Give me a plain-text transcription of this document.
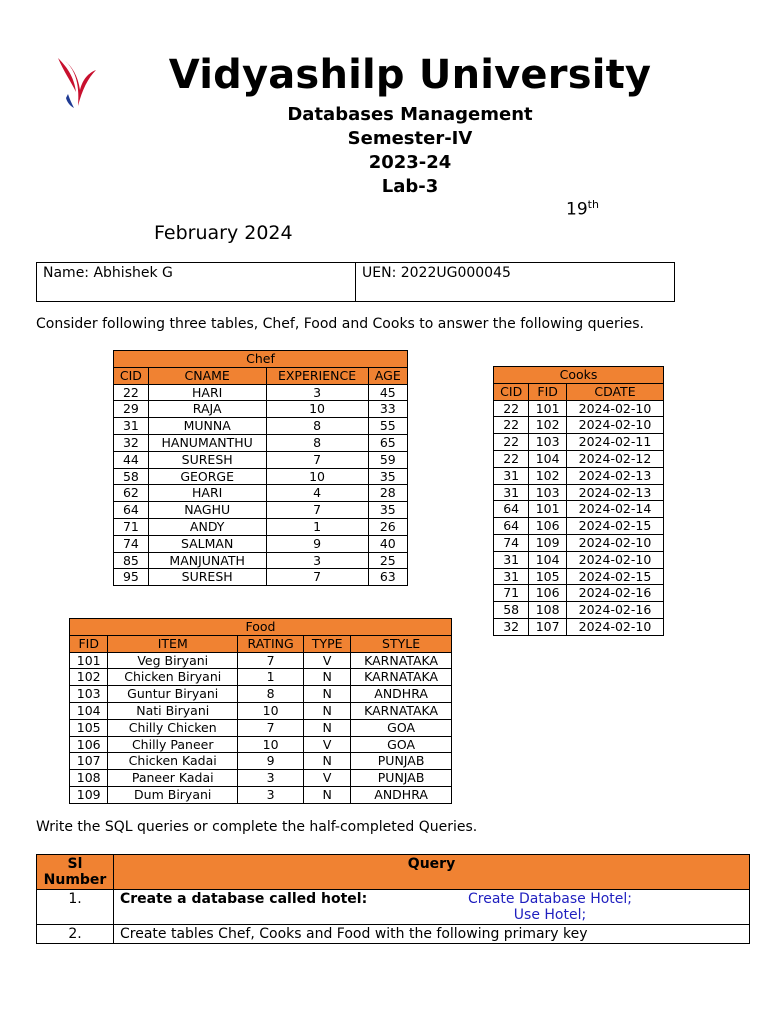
Vidyashilp University
Databases Management
Semester-IV
2023-24
Lab-3
19th
February 2024
Name: Abhishek G	UEN: 2022UG000045
Consider following three tables, Chef, Food and Cooks to answer the following queries.
Chef			
CID	CNAME	EXPERIENCE	AGE
22	HARI	3	45
29	RAJA	10	33
31	MUNNA	8	55
32	HANUMANTHU	8	65
44	SURESH	7	59
58	GEORGE	10	35
62	HARI	4	28
64	NAGHU	7	35
71	ANDY	1	26
74	SALMAN	9	40
85	MANJUNATH	3	25
95	SURESH	7	63
Cooks		
CID	FID	CDATE
22	101	2024-02-10
22	102	2024-02-10
22	103	2024-02-11
22	104	2024-02-12
31	102	2024-02-13
31	103	2024-02-13
64	101	2024-02-14
64	106	2024-02-15
74	109	2024-02-10
31	104	2024-02-10
31	105	2024-02-15
71	106	2024-02-16
58	108	2024-02-16
32	107	2024-02-10
Food				
FID	ITEM	RATING	TYPE	STYLE
101	Veg Biryani	7	V	KARNATAKA
102	Chicken Biryani	1	N	KARNATAKA
103	Guntur Biryani	8	N	ANDHRA
104	Nati Biryani	10	N	KARNATAKA
105	Chilly Chicken	7	N	GOA
106	Chilly Paneer	10	V	GOA
107	Chicken Kadai	9	N	PUNJAB
108	Paneer Kadai	3	V	PUNJAB
109	Dum Biryani	3	N	ANDHRA
Write the SQL queries or complete the half-completed Queries.
Sl Number	Query
1.	Create a database called hotel: Create Database Hotel;
Use Hotel;

2.	Create tables Chef, Cooks and Food with the following primary key
